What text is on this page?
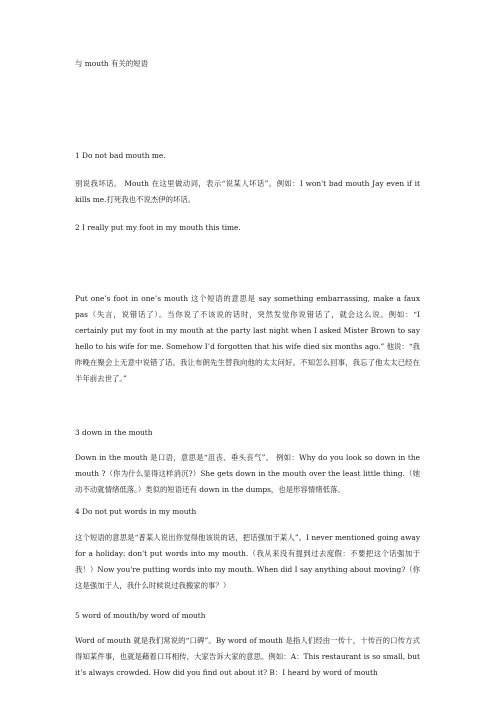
与 mouth 有关的短语

1 Do not bad mouth me.

别说我坏话。 Mouth 在这里做动词，表示“说某人坏话”。例如：I won't bad mouth Jay even if it kills me.打死我也不说杰伊的坏话。

2 I really put my foot in my mouth this time.

Put one’s foot in one’s mouth 这个短语的意思是 say something embarrassing, make a faux pas（失言，说错话了）。当你说了不该说的话时，突然发觉你说错话了，就会这么说。例如：“I certainly put my foot in my mouth at the party last night when I asked Mister Brown to say hello to his wife for me. Somehow I’d forgotten that his wife died six months ago.” 他说：“我昨晚在聚会上无意中说错了话。我让布朗先生替我向他的太太问好。不知怎么回事，我忘了他太太已经在半年前去世了。”

3 down in the mouth

Down in the mouth 是口语，意思是“沮丧、垂头丧气”。 例如：Why do you look so down in the mouth ?（你为什么显得这样消沉?）She gets down in the mouth over the least little thing.（她动不动就情绪低落。）类似的短语还有 down in the dumps，也是形容情绪低落。

4 Do not put words in my mouth

这个短语的意思是“普某人说出你觉得他该说的话，把话强加于某人”。I never mentioned going away for a holiday: don't put words into my mouth.（我从来没有提到过去度假：不要把这个话强加于我！）Now you're putting words into my mouth. When did I say anything about moving?（你这是强加于人，我什么时候说过我搬家的事？）

5 word of mouth/by word of mouth

Word of mouth 就是我们常说的“口碑”。By word of mouth 是指人们经由一传十，十传百的口传方式得知某件事，也就是藉着口耳相传，大家告诉大家的意思。例如：A：This restaurant is so small, but it's always crowded. How did you find out about it? B：I heard by word of mouth
